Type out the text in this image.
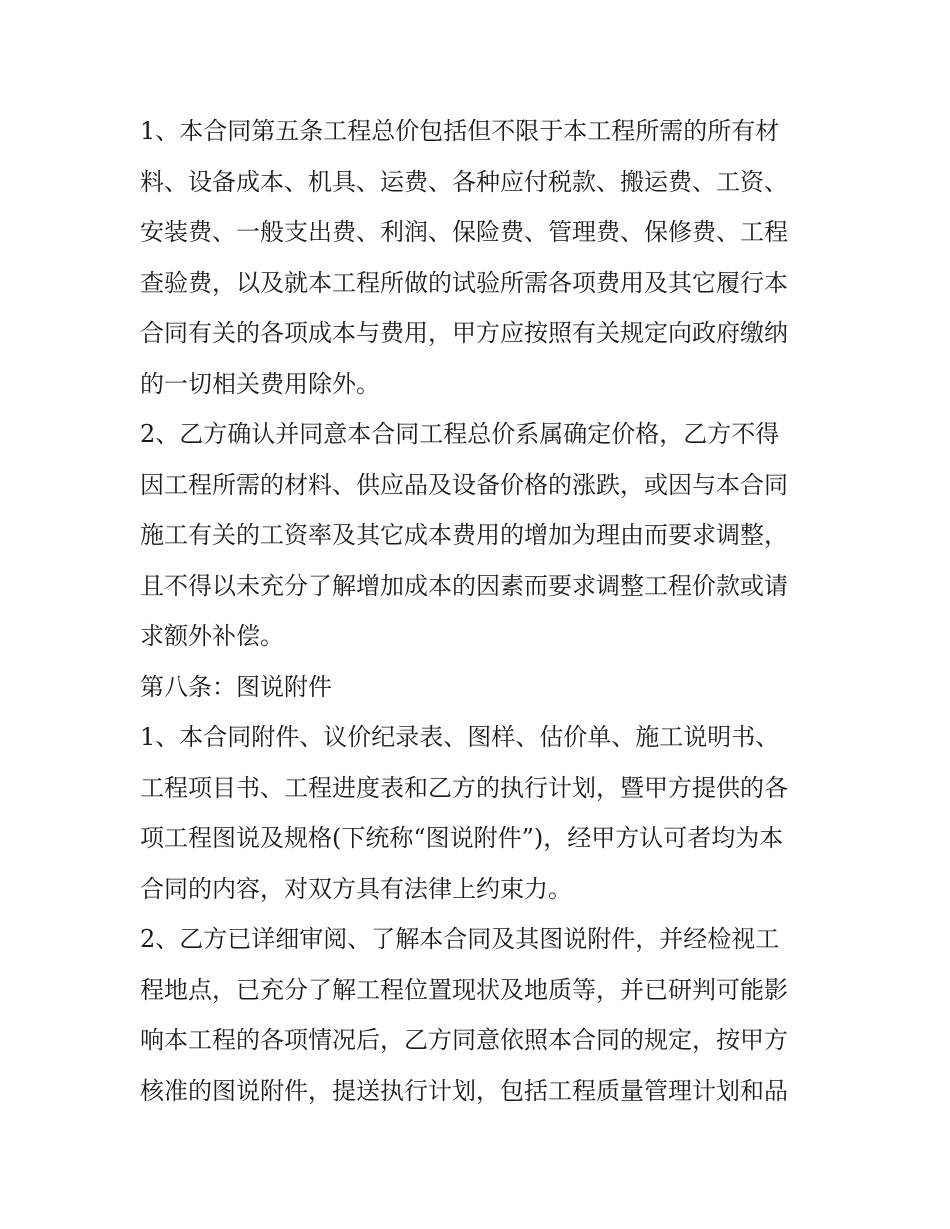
1、本合同第五条工程总价包括但不限于本工程所需的所有材
料、设备成本、机具、运费、各种应付税款、搬运费、工资、
安装费、一般支出费、利润、保险费、管理费、保修费、工程
查验费，以及就本工程所做的试验所需各项费用及其它履行本
合同有关的各项成本与费用，甲方应按照有关规定向政府缴纳
的一切相关费用除外。

2、乙方确认并同意本合同工程总价系属确定价格，乙方不得
因工程所需的材料、供应品及设备价格的涨跌，或因与本合同
施工有关的工资率及其它成本费用的增加为理由而要求调整，
且不得以未充分了解增加成本的因素而要求调整工程价款或请
求额外补偿。

第八条：图说附件

1、本合同附件、议价纪录表、图样、估价单、施工说明书、
工程项目书、工程进度表和乙方的执行计划，暨甲方提供的各
项工程图说及规格(下统称“图说附件”)，经甲方认可者均为本
合同的内容，对双方具有法律上约束力。

2、乙方已详细审阅、了解本合同及其图说附件，并经检视工
程地点，已充分了解工程位置现状及地质等，并已研判可能影
响本工程的各项情况后，乙方同意依照本合同的规定，按甲方
核准的图说附件，提送执行计划，包括工程质量管理计划和品
